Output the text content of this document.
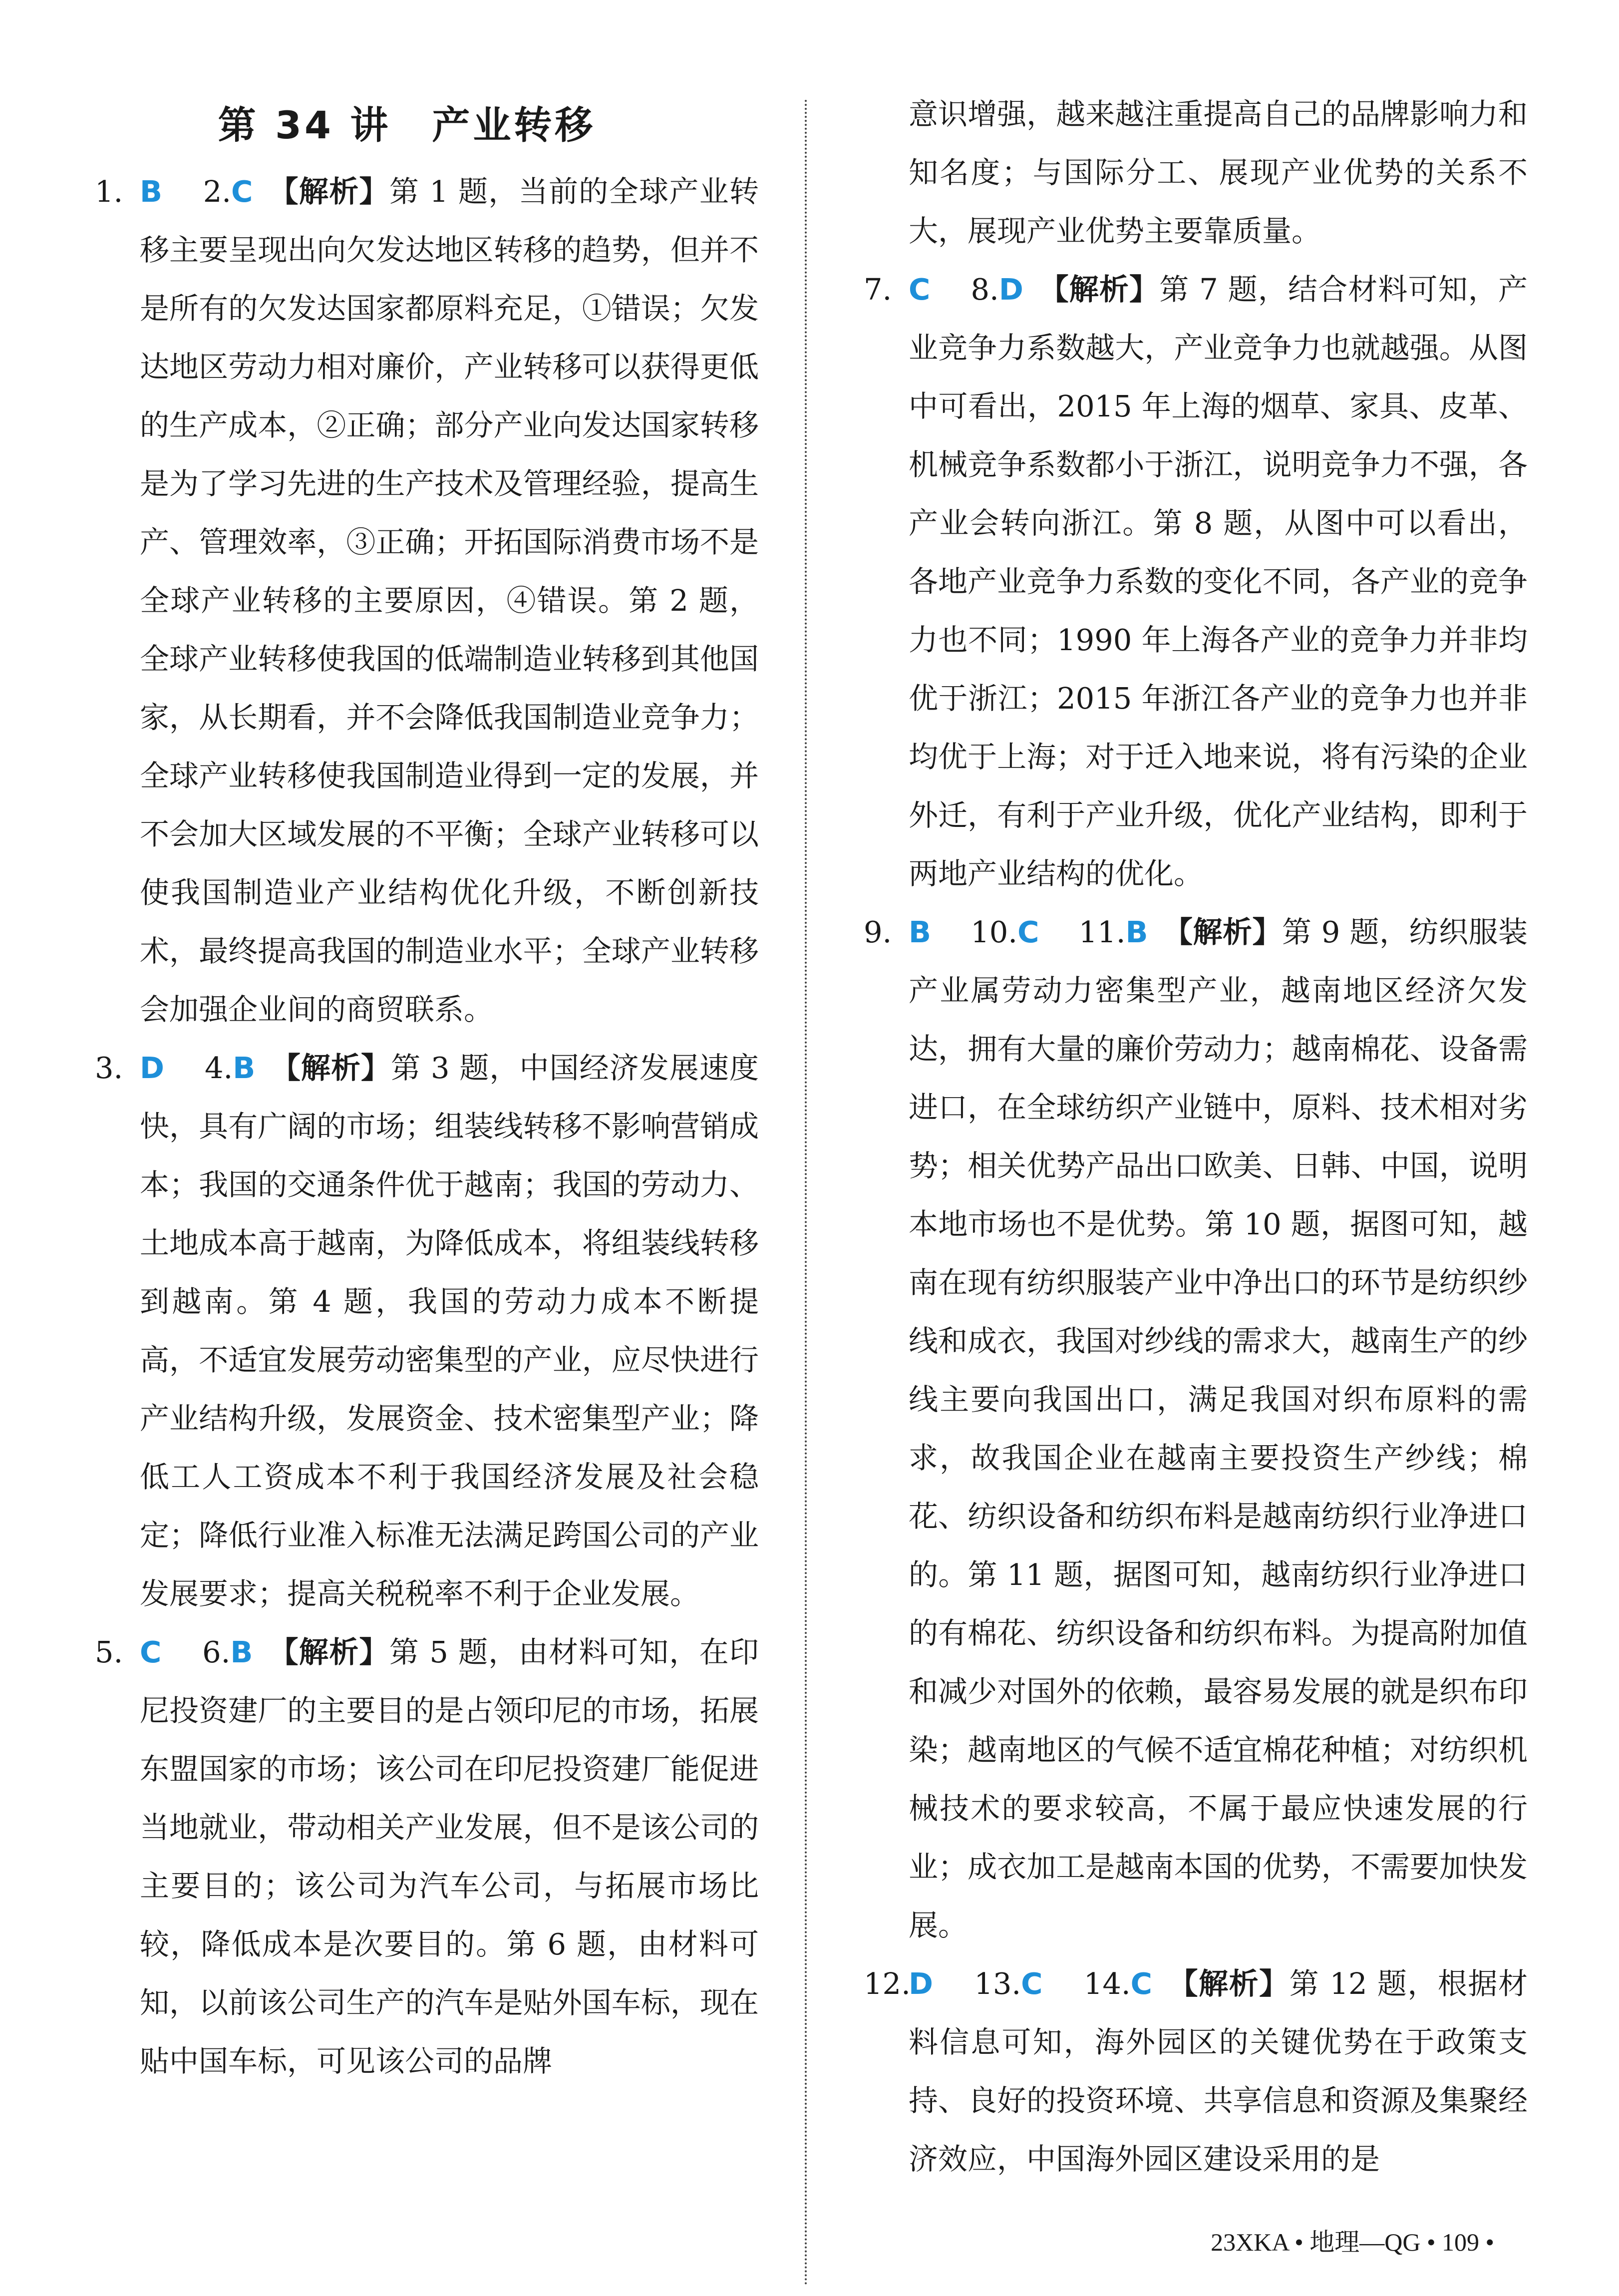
第 34 讲　产业转移
1. B　 2.C　 【解析】第 1 题，当前的全球产业转移主要呈现出向欠发达地区转移的趋势，但并不是所有的欠发达国家都原料充足，①错误；欠发达地区劳动力相对廉价，产业转移可以获得更低的生产成本，②正确；部分产业向发达国家转移是为了学习先进的生产技术及管理经验，提高生产、管理效率，③正确；开拓国际消费市场不是全球产业转移的主要原因，④错误。第 2 题，全球产业转移使我国的低端制造业转移到其他国家，从长期看，并不会降低我国制造业竞争力；全球产业转移使我国制造业得到一定的发展，并不会加大区域发展的不平衡；全球产业转移可以使我国制造业产业结构优化升级，不断创新技术，最终提高我国的制造业水平；全球产业转移会加强企业间的商贸联系。
3. D　 4.B　 【解析】第 3 题，中国经济发展速度快，具有广阔的市场；组装线转移不影响营销成本；我国的交通条件优于越南；我国的劳动力、土地成本高于越南，为降低成本，将组装线转移到越南。第 4 题，我国的劳动力成本不断提高，不适宜发展劳动密集型的产业，应尽快进行产业结构升级，发展资金、技术密集型产业；降低工人工资成本不利于我国经济发展及社会稳定；降低行业准入标准无法满足跨国公司的产业发展要求；提高关税税率不利于企业发展。
5. C　 6.B　 【解析】第 5 题，由材料可知，在印尼投资建厂的主要目的是占领印尼的市场，拓展东盟国家的市场；该公司在印尼投资建厂能促进当地就业，带动相关产业发展，但不是该公司的主要目的；该公司为汽车公司，与拓展市场比较，降低成本是次要目的。第 6 题，由材料可知，以前该公司生产的汽车是贴外国车标，现在贴中国车标，可见该公司的品牌

意识增强，越来越注重提高自己的品牌影响力和知名度；与国际分工、展现产业优势的关系不大，展现产业优势主要靠质量。

7. C　 8.D　 【解析】第 7 题，结合材料可知，产业竞争力系数越大，产业竞争力也就越强。从图中可看出，2015 年上海的烟草、家具、皮革、机械竞争系数都小于浙江，说明竞争力不强，各产业会转向浙江。第 8 题，从图中可以看出，各地产业竞争力系数的变化不同，各产业的竞争力也不同；1990 年上海各产业的竞争力并非均优于浙江；2015 年浙江各产业的竞争力也并非均优于上海；对于迁入地来说，将有污染的企业外迁，有利于产业升级，优化产业结构，即利于两地产业结构的优化。
9. B　 10.C　 11.B　 【解析】第 9 题，纺织服装产业属劳动力密集型产业，越南地区经济欠发达，拥有大量的廉价劳动力；越南棉花、设备需进口，在全球纺织产业链中，原料、技术相对劣势；相关优势产品出口欧美、日韩、中国，说明本地市场也不是优势。第 10 题，据图可知，越南在现有纺织服装产业中净出口的环节是纺织纱线和成衣，我国对纱线的需求大，越南生产的纱线主要向我国出口，满足我国对织布原料的需求，故我国企业在越南主要投资生产纱线；棉花、纺织设备和纺织布料是越南纺织行业净进口的。第 11 题，据图可知，越南纺织行业净进口的有棉花、纺织设备和纺织布料。为提高附加值和减少对国外的依赖，最容易发展的就是织布印染；越南地区的气候不适宜棉花种植；对纺织机械技术的要求较高，不属于最应快速发展的行业；成衣加工是越南本国的优势，不需要加快发展。
12.
D　 13.C　 14.C　 【解析】第 12 题，根据材料信息可知，海外园区的关键优势在于政策支持、良好的投资环境、共享信息和资源及集聚经济效应，中国海外园区建设采用的是
23XKA • 地理—QG • 109 •
